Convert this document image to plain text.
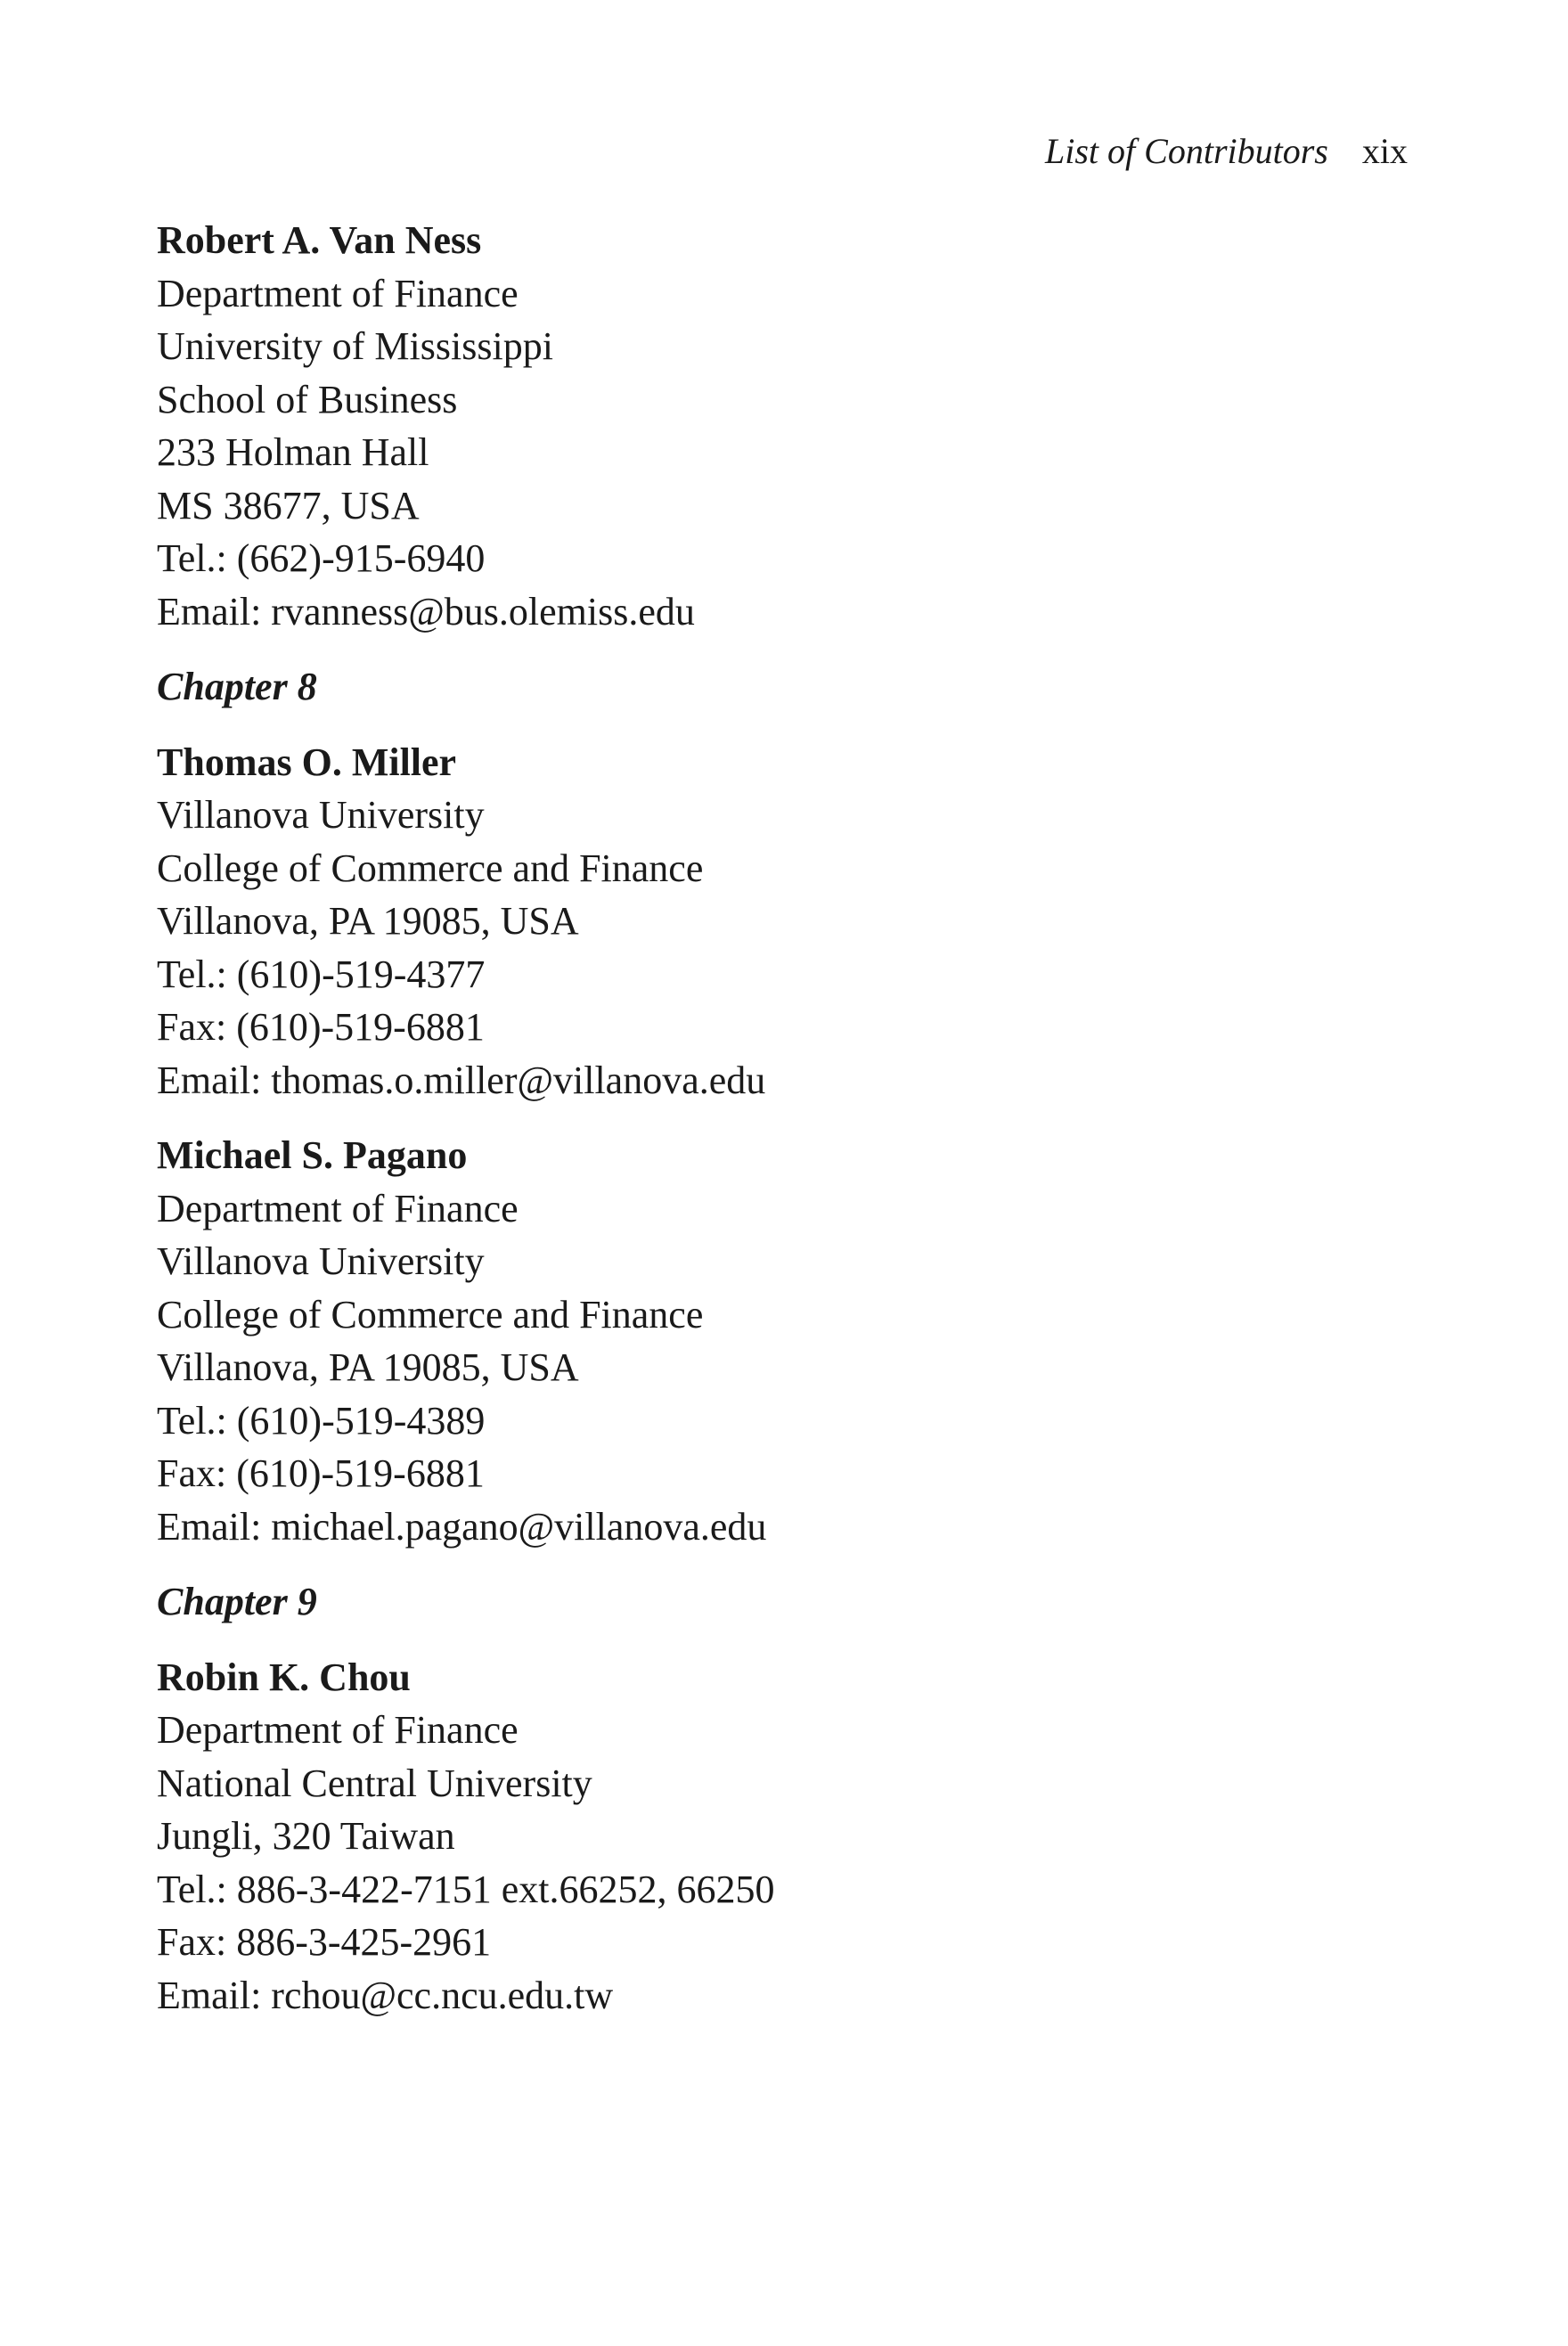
List of Contributors xix
Robert A. Van Ness
Department of Finance
University of Mississippi
School of Business
233 Holman Hall
MS 38677, USA
Tel.: (662)-915-6940
Email: rvanness@bus.olemiss.edu
Chapter 8
Thomas O. Miller
Villanova University
College of Commerce and Finance
Villanova, PA 19085, USA
Tel.: (610)-519-4377
Fax: (610)-519-6881
Email: thomas.o.miller@villanova.edu
Michael S. Pagano
Department of Finance
Villanova University
College of Commerce and Finance
Villanova, PA 19085, USA
Tel.: (610)-519-4389
Fax: (610)-519-6881
Email: michael.pagano@villanova.edu
Chapter 9
Robin K. Chou
Department of Finance
National Central University
Jungli, 320 Taiwan
Tel.: 886-3-422-7151 ext.66252, 66250
Fax: 886-3-425-2961
Email: rchou@cc.ncu.edu.tw
